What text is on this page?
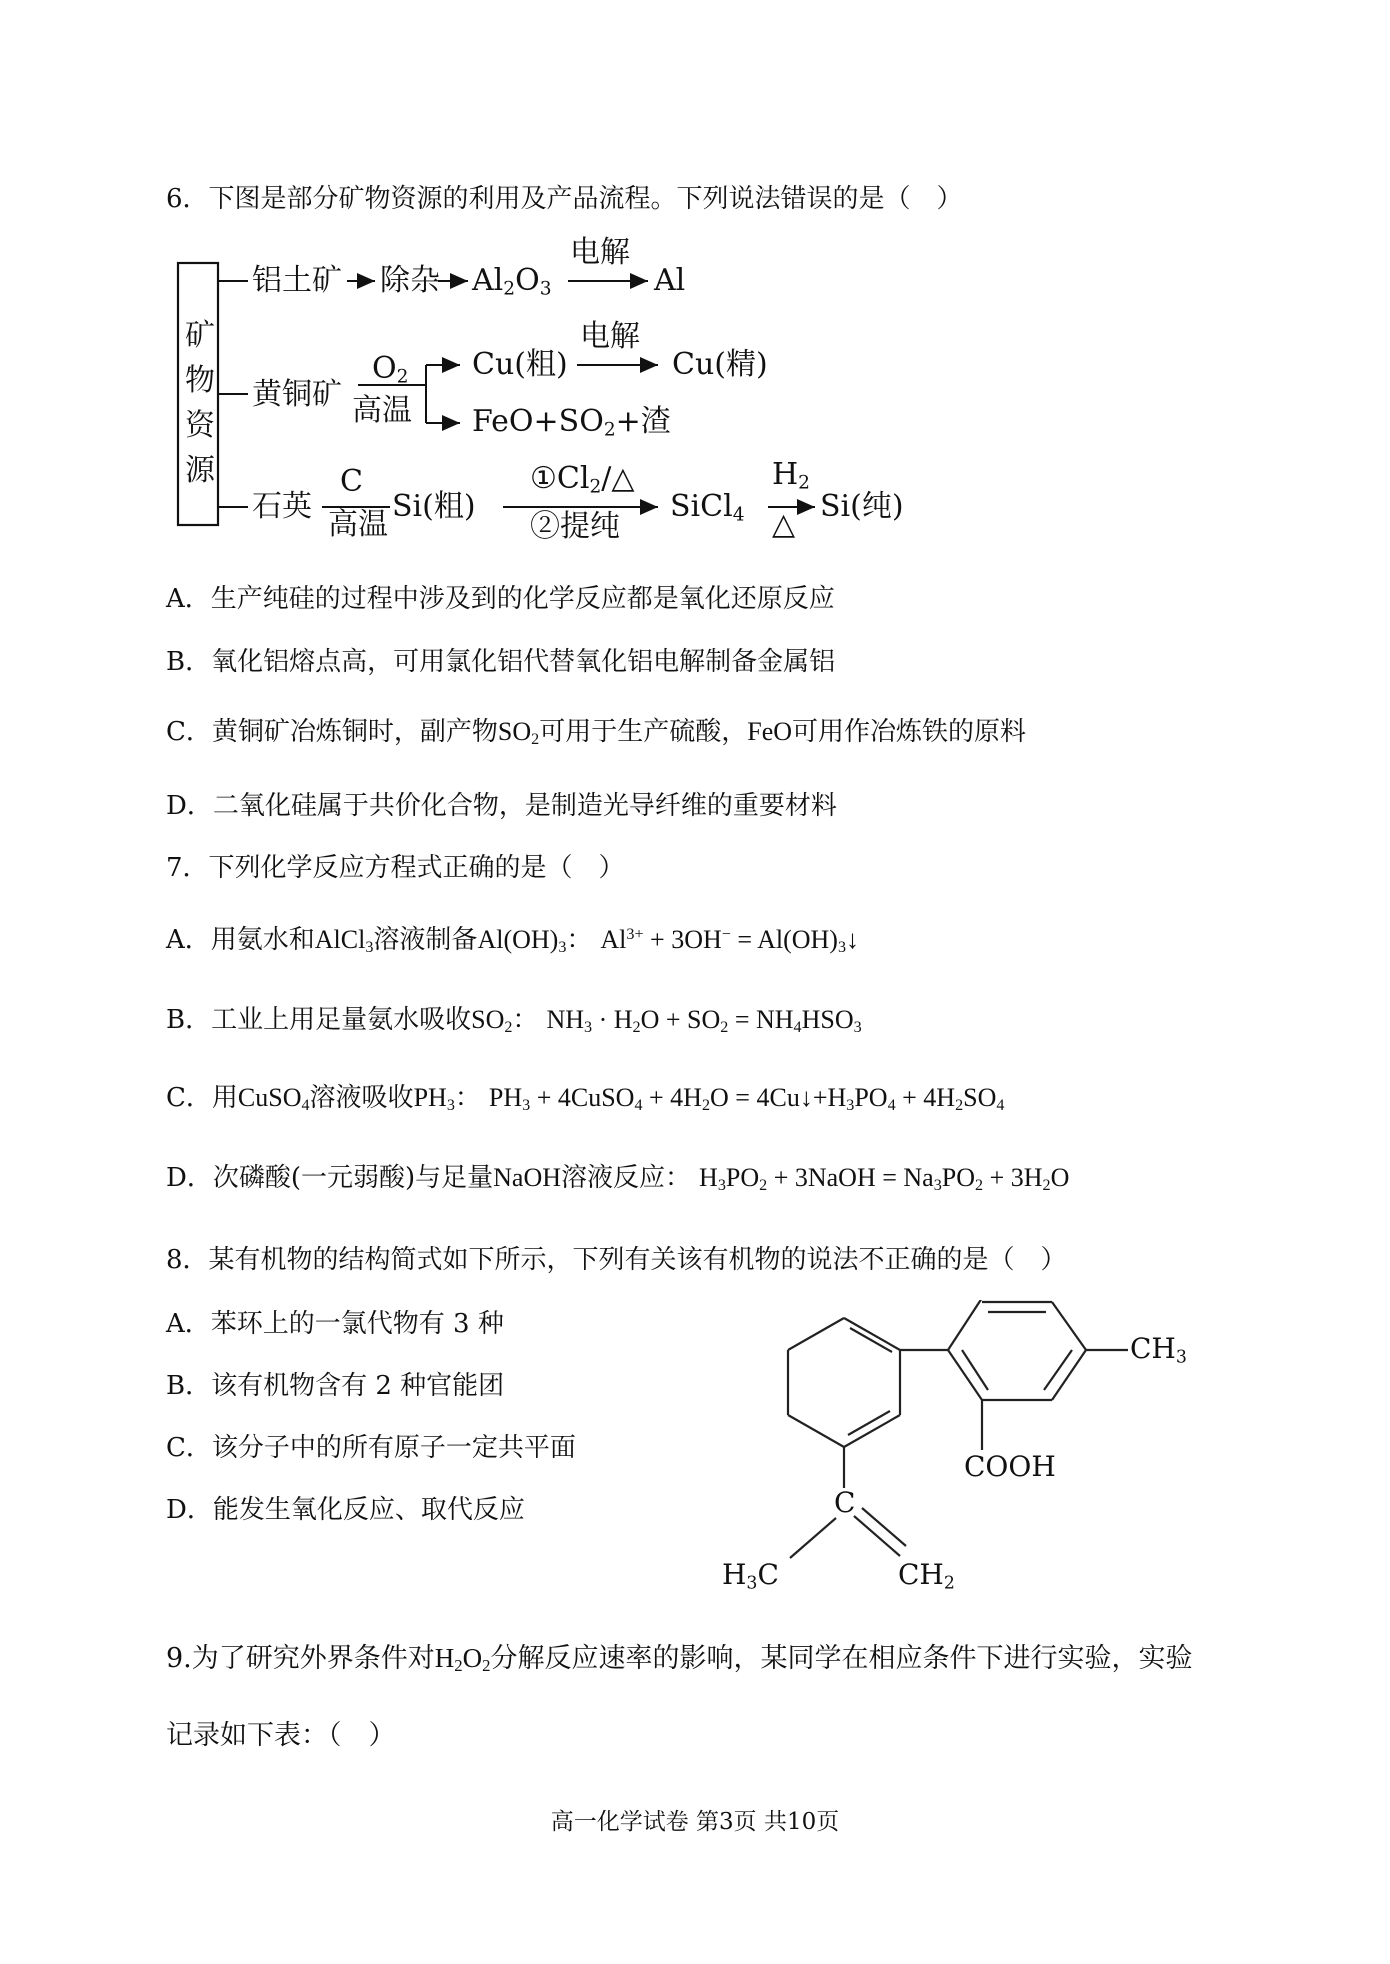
6．下图是部分矿物资源的利用及产品流程。下列说法错误的是（　）
矿
物
资
源
铝土矿 除杂 $Al_2O_3$
电解
Al
黄铜矿
$O_2$
高温
Cu(粗)
电解
Cu(精)
$FeO+SO_2+$渣
石英
C
高温
Si(粗)
$①Cl_2/\triangle$
②提纯
SiCl$_4$
$H_2$
△
Si(纯)
A．生产纯硅的过程中涉及到的化学反应都是氧化还原反应
B．氧化铝熔点高，可用氯化铝代替氧化铝电解制备金属铝
C．黄铜矿冶炼铜时，副产物$SO_2$可用于生产硫酸，FeO可用作冶炼铁的原料
D．二氧化硅属于共价化合物，是制造光导纤维的重要材料
7．下列化学反应方程式正确的是（　）
A．用氨水和AlCl$_3$溶液制备$Al(OH)_3$： $Al^{3+} + 3OH^-$ = $Al(OH)_3↓$
B．工业上用足量氨水吸收$SO_2$： $NH_3 \cdot H_2O + SO_2 = NH_4HSO_3$
C．用CuSO$_4$溶液吸收$PH_3$： $PH_3$ + 4CuSO$_4$ + $4H_2O$ = $4Cu↓+H_3PO_4 + 4H_2SO_4$
D．次磷酸(一元弱酸)与足量NaOH溶液反应： $H_3PO_2$ + 3NaOH = $Na_3PO_2 + 3H_2O$
8．某有机物的结构简式如下所示，下列有关该有机物的说法不正确的是（　）
A．苯环上的一氯代物有 3 种
B．该有机物含有 2 种官能团
C．该分子中的所有原子一定共平面
D．能发生氧化反应、取代反应
$CH_3$
COOH
C
$H_3C$	$CH_2$
9.为了研究外界条件对$H_2O_2$分解反应速率的影响，某同学在相应条件下进行实验，实验
记录如下表：（　）
高一化学试卷 第3页 共10页
